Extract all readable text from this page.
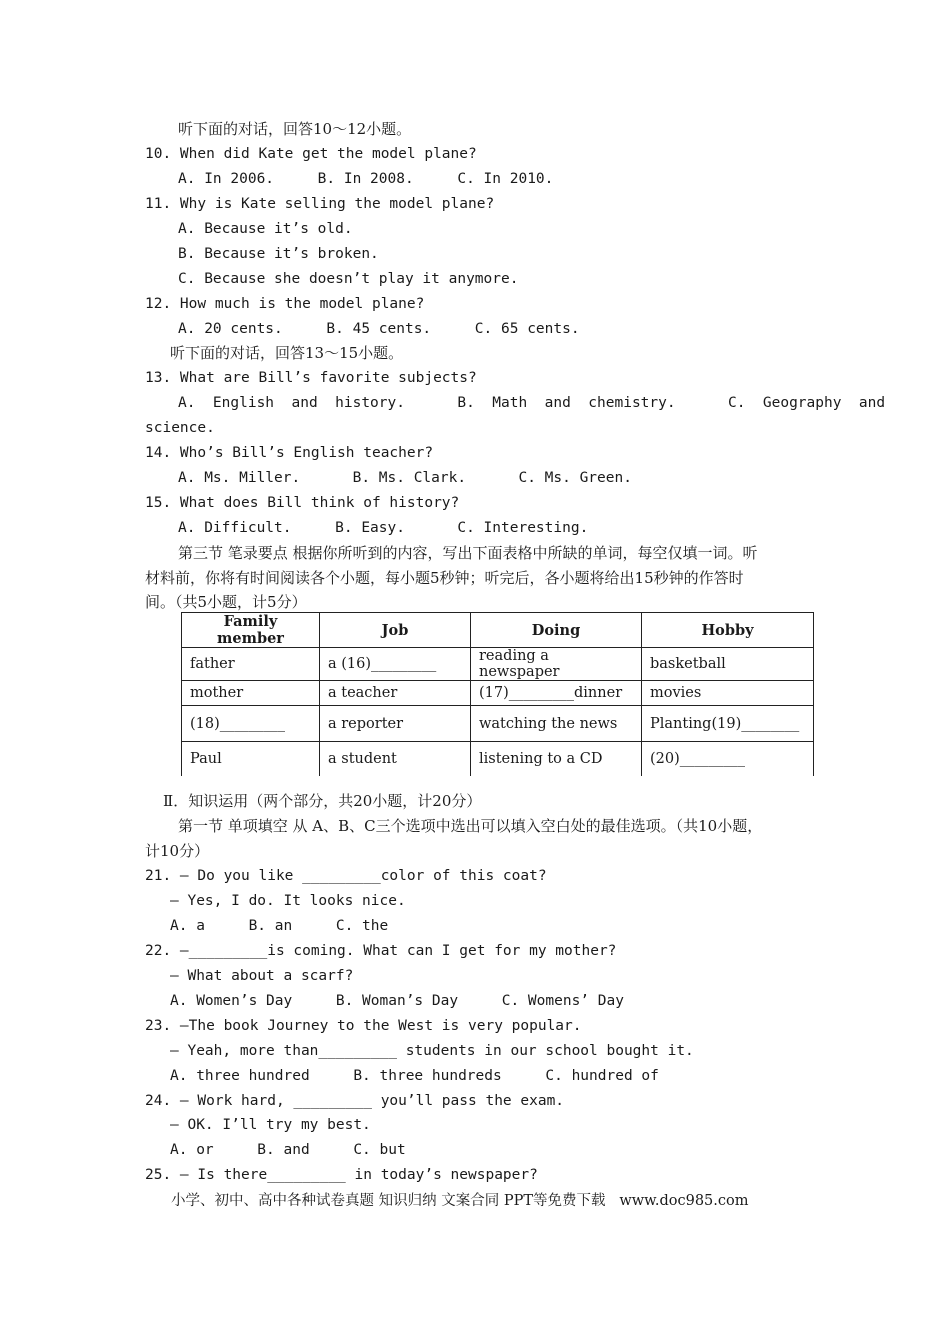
听下面的对话，回答10～12小题。
10. When did Kate get the model plane?
A. In 2006.     B. In 2008.     C. In 2010.
11. Why is Kate selling the model plane?
A. Because it’s old.
B. Because it’s broken.
C. Because she doesn’t play it anymore.
12. How much is the model plane?
A. 20 cents.     B. 45 cents.     C. 65 cents.
听下面的对话，回答13～15小题。
13. What are Bill’s favorite subjects?
A.  English  and  history.      B.  Math  and  chemistry.      C.  Geography  and
science.
14. Who’s Bill’s English teacher?
A. Ms. Miller.      B. Ms. Clark.      C. Ms. Green.
15. What does Bill think of history?
A. Difficult.     B. Easy.      C. Interesting.
第三节 笔录要点 根据你所听到的内容，写出下面表格中所缺的单词，每空仅填一词。听
材料前，你将有时间阅读各个小题，每小题5秒钟；听完后，各小题将给出15秒钟的作答时
间。（共5小题，计5分）
Family member	Job	Doing	Hobby
father	a (16)_________	reading a newspaper	basketball
mother	a teacher	(17)_________dinner	movies
(18)_________	a reporter	watching the news	Planting(19)________
Paul	a student	listening to a CD	(20)_________
Ⅱ．知识运用（两个部分，共20小题，计20分）
第一节 单项填空 从 A、B、C三个选项中选出可以填入空白处的最佳选项。（共10小题，
计10分）
21. — Do you like _________color of this coat?
— Yes, I do. It looks nice.
A. a     B. an     C. the
22. —_________is coming. What can I get for my mother?
— What about a scarf?
A. Women’s Day     B. Woman’s Day     C. Womens’ Day
23. —The book Journey to the West is very popular.
— Yeah, more than_________ students in our school bought it.
A. three hundred     B. three hundreds     C. hundred of
24. — Work hard, _________ you’ll pass the exam.
— OK. I’ll try my best.
A. or     B. and     C. but
25. — Is there_________ in today’s newspaper?
小学、初中、高中各种试卷真题 知识归纳 文案合同 PPT等免费下载   www.doc985.com
